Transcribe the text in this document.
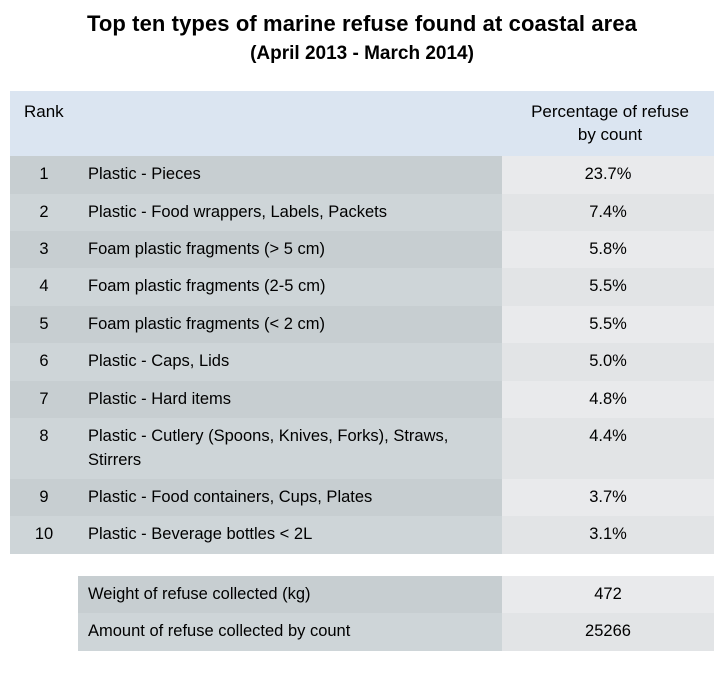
Top ten types of marine refuse found at coastal area
(April 2013 - March 2014)
Rank		Percentage of refuse
by count

1	Plastic - Pieces	23.7%
2	Plastic - Food wrappers, Labels, Packets	7.4%
3	Foam plastic fragments (> 5 cm)	5.8%
4	Foam plastic fragments (2-5 cm)	5.5%
5	Foam plastic fragments (< 2 cm)	5.5%
6	Plastic - Caps, Lids	5.0%
7	Plastic - Hard items	4.8%
8	Plastic - Cutlery (Spoons, Knives, Forks), Straws, Stirrers	4.4%
9	Plastic - Food containers, Cups, Plates	3.7%
10	Plastic - Beverage bottles < 2L	3.1%
	Weight of refuse collected (kg)	472
	Amount of refuse collected by count	25266
